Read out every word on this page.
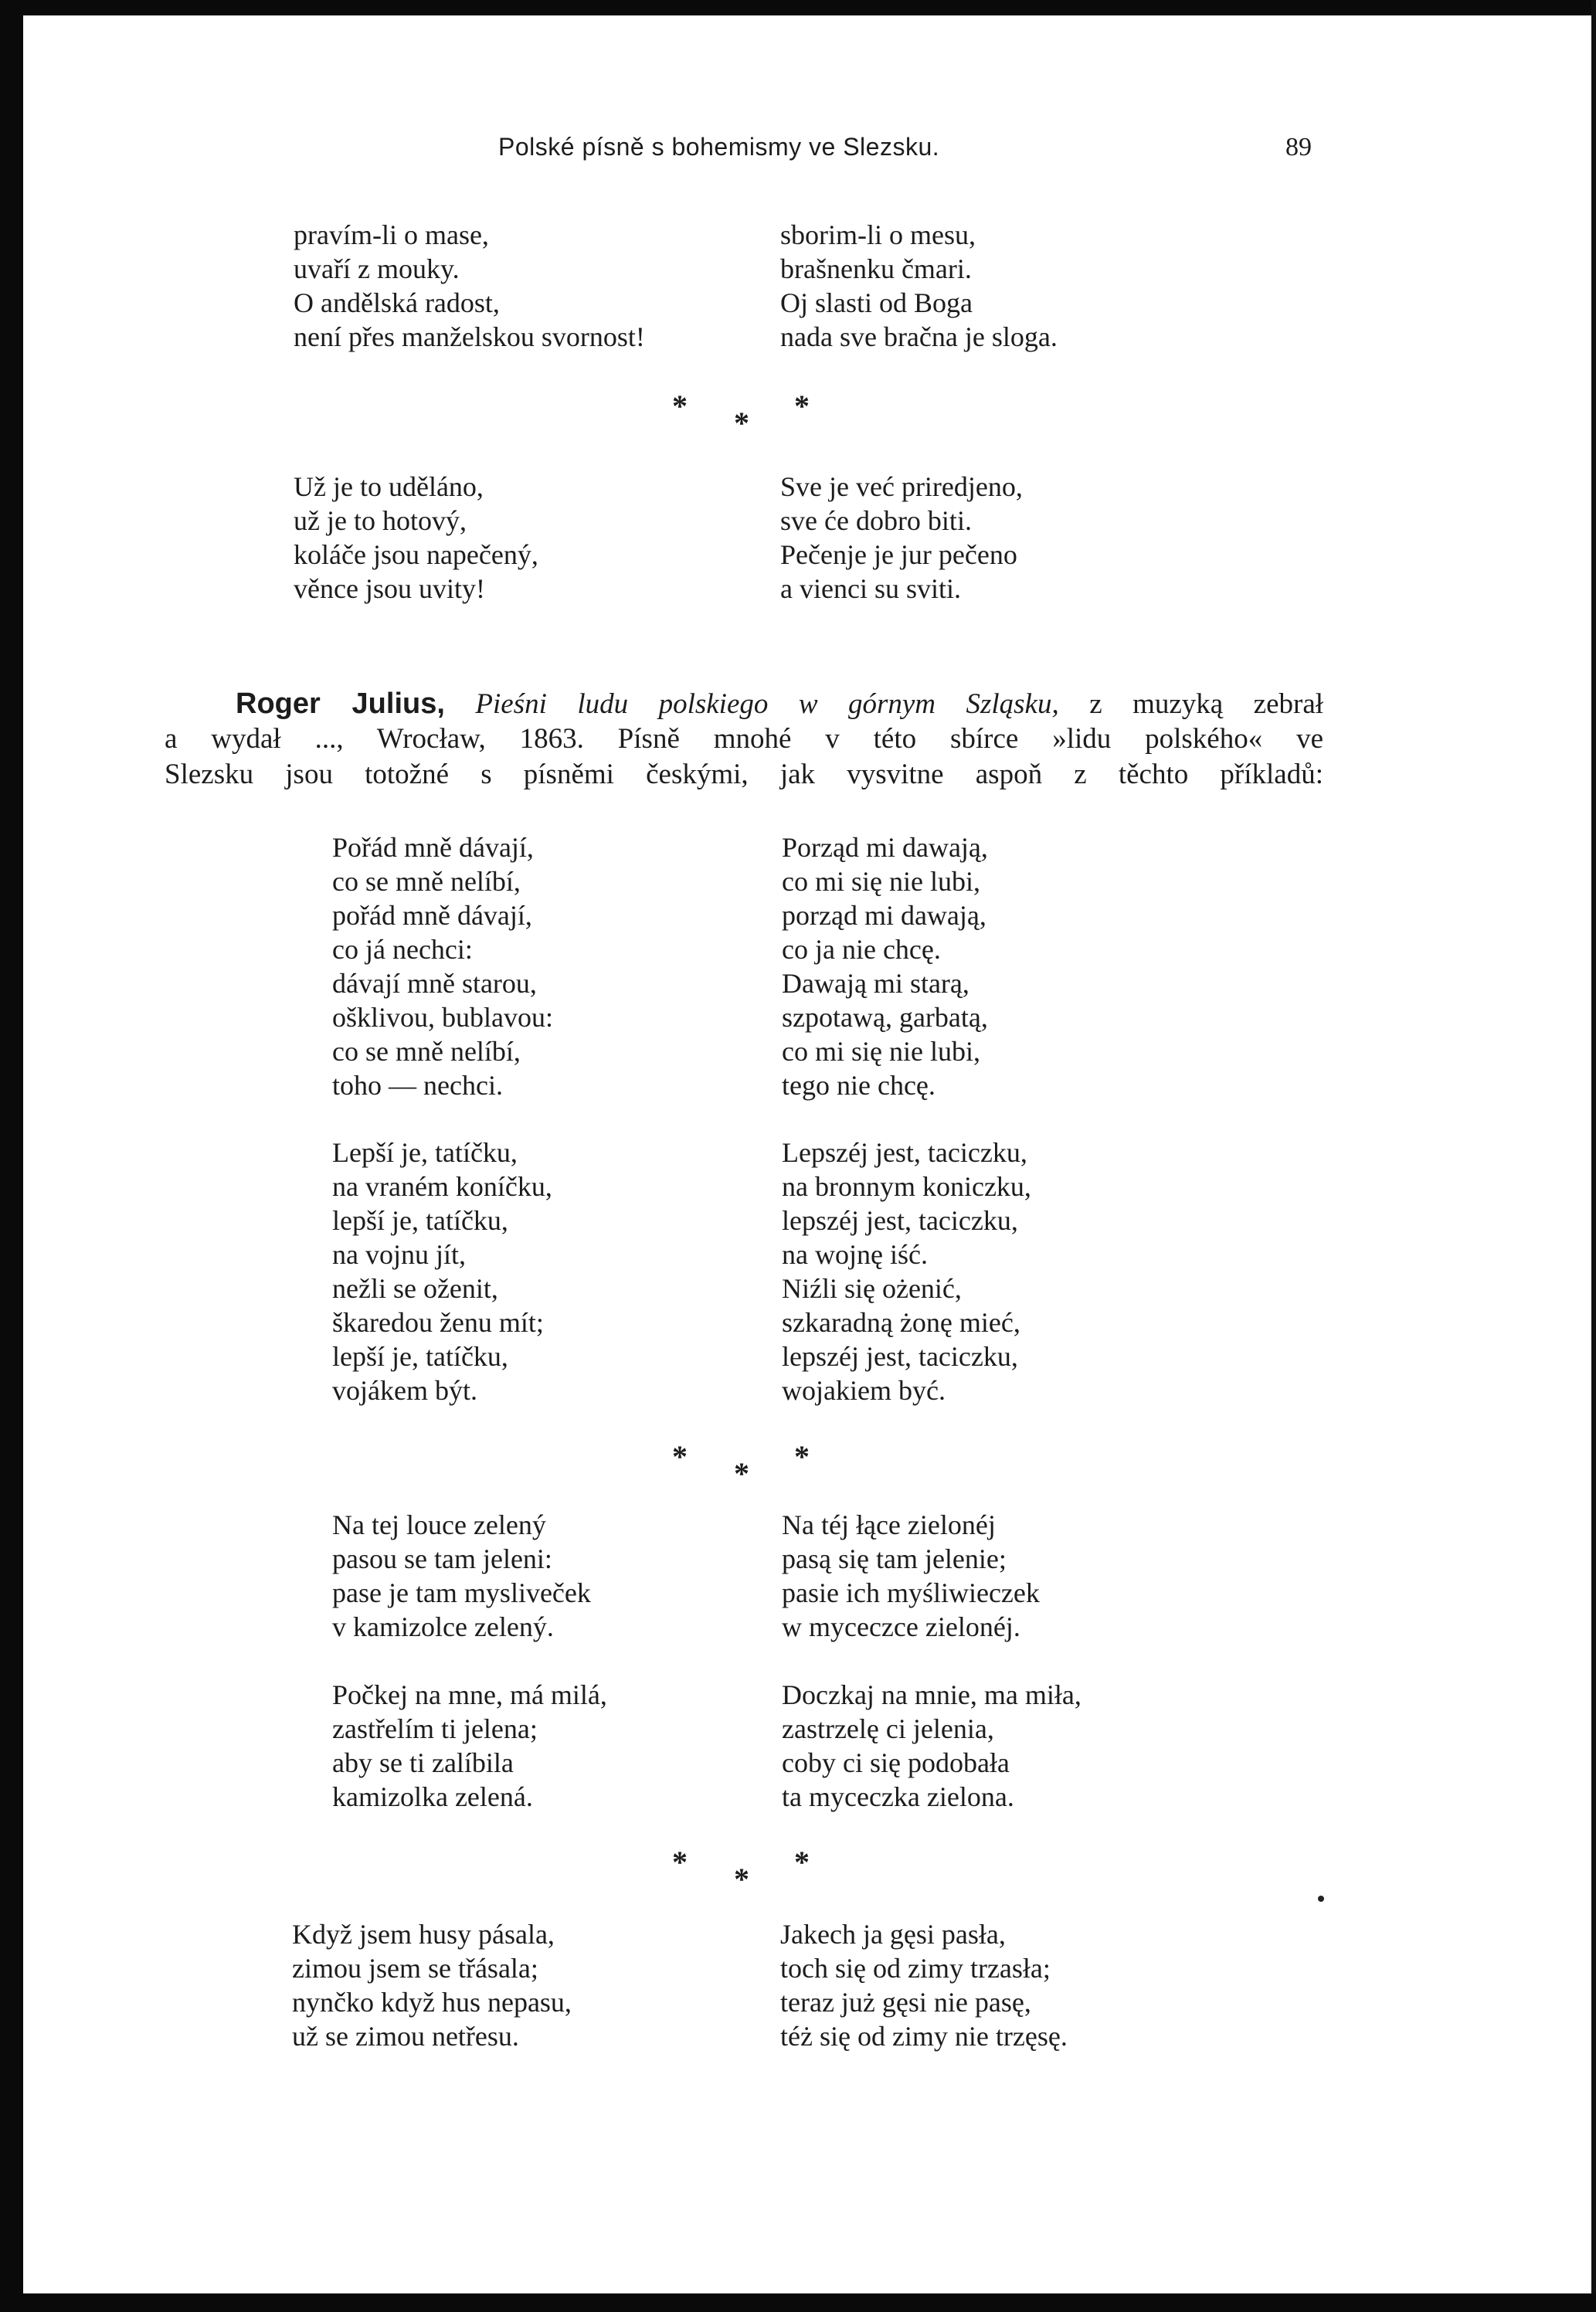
Polské písně s bohemismy ve Slezsku.	89
pravím-li o mase,
uvaří z mouky.
O andělská radost,
není přes manželskou svornost!
sborim-li o mesu,
brašnenku čmari.
Oj slasti od Boga
nada sve bračna je sloga.
* * *
Už je to uděláno,
už je to hotový,
koláče jsou napečený,
věnce jsou uvity!
Sve je već priredjeno,
sve će dobro biti.
Pečenje je jur pečeno
a vienci su sviti.
Roger Julius, Pieśni ludu polskiego w górnym Szląsku, z muzyką zebrał
a wydał ..., Wrocław, 1863. Písně mnohé v této sbírce »lidu polského« ve
Slezsku jsou totožné s písněmi českými, jak vysvitne aspoň z těchto příkladů:
Pořád mně dávají,
co se mně nelíbí,
pořád mně dávají,
co já nechci:
dávají mně starou,
ošklivou, bublavou:
co se mně nelíbí,
toho — nechci.
Porząd mi dawają,
co mi się nie lubi,
porząd mi dawają,
co ja nie chcę.
Dawają mi starą,
szpotawą, garbatą,
co mi się nie lubi,
tego nie chcę.
Lepší je, tatíčku,
na vraném koníčku,
lepší je, tatíčku,
na vojnu jít,
nežli se oženit,
škaredou ženu mít;
lepší je, tatíčku,
vojákem být.
Lepszéj jest, taciczku,
na bronnym koniczku,
lepszéj jest, taciczku,
na wojnę iść.
Niźli się ożenić,
szkaradną żonę mieć,
lepszéj jest, taciczku,
wojakiem być.
* * *
Na tej louce zelený
pasou se tam jeleni:
pase je tam mysliveček
v kamizolce zelený.
Na téj łące zielonéj
pasą się tam jelenie;
pasie ich myśliwieczek
w myceczce zielonéj.
Počkej na mne, má milá,
zastřelím ti jelena;
aby se ti zalíbila
kamizolka zelená.
Doczkaj na mnie, ma miła,
zastrzelę ci jelenia,
coby ci się podobała
ta myceczka zielona.
* * *
Když jsem husy pásala,
zimou jsem se třásala;
nynčko když hus nepasu,
už se zimou netřesu.
Jakech ja gęsi pasła,
toch się od zimy trzasła;
teraz już gęsi nie pasę,
téż się od zimy nie trzęsę.
